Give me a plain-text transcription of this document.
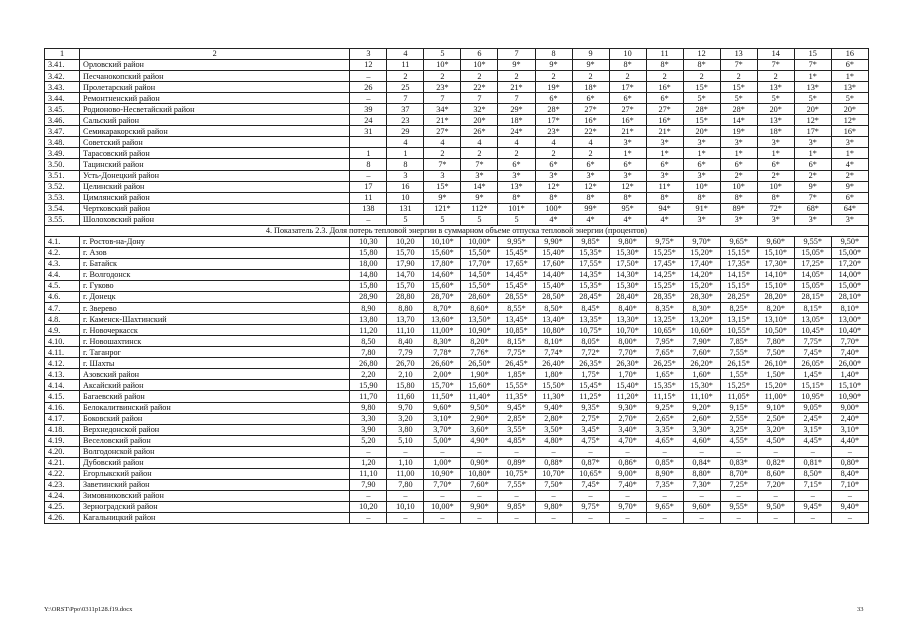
1	2	3	4	5	6	7	8	9	10	11	12	13	14	15	16
3.41.	Орловский район	12	11	10*	10*	9*	9*	9*	8*	8*	8*	7*	7*	7*	6*
3.42.	Песчанокопский район	–	2	2	2	2	2	2	2	2	2	2	2	1*	1*
3.43.	Пролетарский район	26	25	23*	22*	21*	19*	18*	17*	16*	15*	15*	13*	13*	13*
3.44.	Ремонтненский район	–	7	7	7	7	6*	6*	6*	6*	5*	5*	5*	5*	5*
3.45.	Родионово-Несветайский район	39	37	34*	32*	29*	28*	27*	27*	27*	28*	28*	20*	20*	20*
3.46.	Сальский район	24	23	21*	20*	18*	17*	16*	16*	16*	15*	14*	13*	12*	12*
3.47.	Семикаракорский район	31	29	27*	26*	24*	23*	22*	21*	21*	20*	19*	18*	17*	16*
3.48.	Советский район		4	4	4	4	4	4	3*	3*	3*	3*	3*	3*	3*
3.49.	Тарасовский район	1	1	2	2	2	2	2	1*	1*	1*	1*	1*	1*	1*
3.50.	Тацинский район	8	8	7*	7*	6*	6*	6*	6*	6*	6*	6*	6*	6*	4*
3.51.	Усть-Донецкий район	–	3	3	3*	3*	3*	3*	3*	3*	3*	2*	2*	2*	2*
3.52.	Целинский район	17	16	15*	14*	13*	12*	12*	12*	11*	10*	10*	10*	9*	9*
3.53.	Цимлянский район	11	10	9*	9*	8*	8*	8*	8*	8*	8*	8*	8*	7*	6*
3.54.	Чертковский район	138	131	121*	112*	101*	100*	99*	95*	94*	91*	89*	72*	68*	64*
3.55.	Шолоховский район	–	5	5	5	5	4*	4*	4*	4*	3*	3*	3*	3*	3*
4. Показатель 2.3. Доля потерь тепловой энергии в суммарном объеме отпуска тепловой энергии (процентов)															
4.1.	г. Ростов-на-Дону	10,30	10,20	10,10*	10,00*	9,95*	9,90*	9,85*	9,80*	9,75*	9,70*	9,65*	9,60*	9,55*	9,50*
4.2.	г. Азов	15,80	15,70	15,60*	15,50*	15,45*	15,40*	15,35*	15,30*	15,25*	15,20*	15,15*	15,10*	15,05*	15,00*
4.3.	г. Батайск	18,00	17,90	17,80*	17,70*	17,65*	17,60*	17,55*	17,50*	17,45*	17,40*	17,35*	17,30*	17,25*	17,20*
4.4.	г. Волгодонск	14,80	14,70	14,60*	14,50*	14,45*	14,40*	14,35*	14,30*	14,25*	14,20*	14,15*	14,10*	14,05*	14,00*
4.5.	г. Гуково	15,80	15,70	15,60*	15,50*	15,45*	15,40*	15,35*	15,30*	15,25*	15,20*	15,15*	15,10*	15,05*	15,00*
4.6.	г. Донецк	28,90	28,80	28,70*	28,60*	28,55*	28,50*	28,45*	28,40*	28,35*	28,30*	28,25*	28,20*	28,15*	28,10*
4.7.	г. Зверево	8,90	8,80	8,70*	8,60*	8,55*	8,50*	8,45*	8,40*	8,35*	8,30*	8,25*	8,20*	8,15*	8,10*
4.8.	г. Каменск-Шахтинский	13,80	13,70	13,60*	13,50*	13,45*	13,40*	13,35*	13,30*	13,25*	13,20*	13,15*	13,10*	13,05*	13,00*
4.9.	г. Новочеркасск	11,20	11,10	11,00*	10,90*	10,85*	10,80*	10,75*	10,70*	10,65*	10,60*	10,55*	10,50*	10,45*	10,40*
4.10.	г. Новошахтинск	8,50	8,40	8,30*	8,20*	8,15*	8,10*	8,05*	8,00*	7,95*	7,90*	7,85*	7,80*	7,75*	7,70*
4.11.	г. Таганрог	7,80	7,79	7,78*	7,76*	7,75*	7,74*	7,72*	7,70*	7,65*	7,60*	7,55*	7,50*	7,45*	7,40*
4.12.	г. Шахты	26,80	26,70	26,60*	26,50*	26,45*	26,40*	26,35*	26,30*	26,25*	26,20*	26,15*	26,10*	26,05*	26,00*
4.13.	Азовский район	2,20	2,10	2,00*	1,90*	1,85*	1,80*	1,75*	1,70*	1,65*	1,60*	1,55*	1,50*	1,45*	1,40*
4.14.	Аксайский район	15,90	15,80	15,70*	15,60*	15,55*	15,50*	15,45*	15,40*	15,35*	15,30*	15,25*	15,20*	15,15*	15,10*
4.15.	Багаевский район	11,70	11,60	11,50*	11,40*	11,35*	11,30*	11,25*	11,20*	11,15*	11,10*	11,05*	11,00*	10,95*	10,90*
4.16.	Белокалитвинский район	9,80	9,70	9,60*	9,50*	9,45*	9,40*	9,35*	9,30*	9,25*	9,20*	9,15*	9,10*	9,05*	9,00*
4.17.	Боковский район	3,30	3,20	3,10*	2,90*	2,85*	2,80*	2,75*	2,70*	2,65*	2,60*	2,55*	2,50*	2,45*	2,40*
4.18.	Верхнедонской район	3,90	3,80	3,70*	3,60*	3,55*	3,50*	3,45*	3,40*	3,35*	3,30*	3,25*	3,20*	3,15*	3,10*
4.19.	Веселовский район	5,20	5,10	5,00*	4,90*	4,85*	4,80*	4,75*	4,70*	4,65*	4,60*	4,55*	4,50*	4,45*	4,40*
4.20.	Волгодонской район	–	–	–	–	–	–	–	–	–	–	–	–	–	–
4.21.	Дубовский район	1,20	1,10	1,00*	0,90*	0,89*	0,88*	0,87*	0,86*	0,85*	0,84*	0,83*	0,82*	0,81*	0,80*
4.22.	Егорлыкский район	11,10	11,00	10,90*	10,80*	10,75*	10,70*	10,65*	9,00*	8,90*	8,80*	8,70*	8,60*	8,50*	8,40*
4.23.	Заветинский район	7,90	7,80	7,70*	7,60*	7,55*	7,50*	7,45*	7,40*	7,35*	7,30*	7,25*	7,20*	7,15*	7,10*
4.24.	Зимовниковский район	–	–	–	–	–	–	–	–	–	–	–	–	–	–
4.25.	Зерноградский район	10,20	10,10	10,00*	9,90*	9,85*	9,80*	9,75*	9,70*	9,65*	9,60*	9,55*	9,50*	9,45*	9,40*
4.26.	Кагальницкий район	–	–	–	–	–	–	–	–	–	–	–	–	–	–
Y:\ORST\Ppo\0311p128.f19.docx	33
